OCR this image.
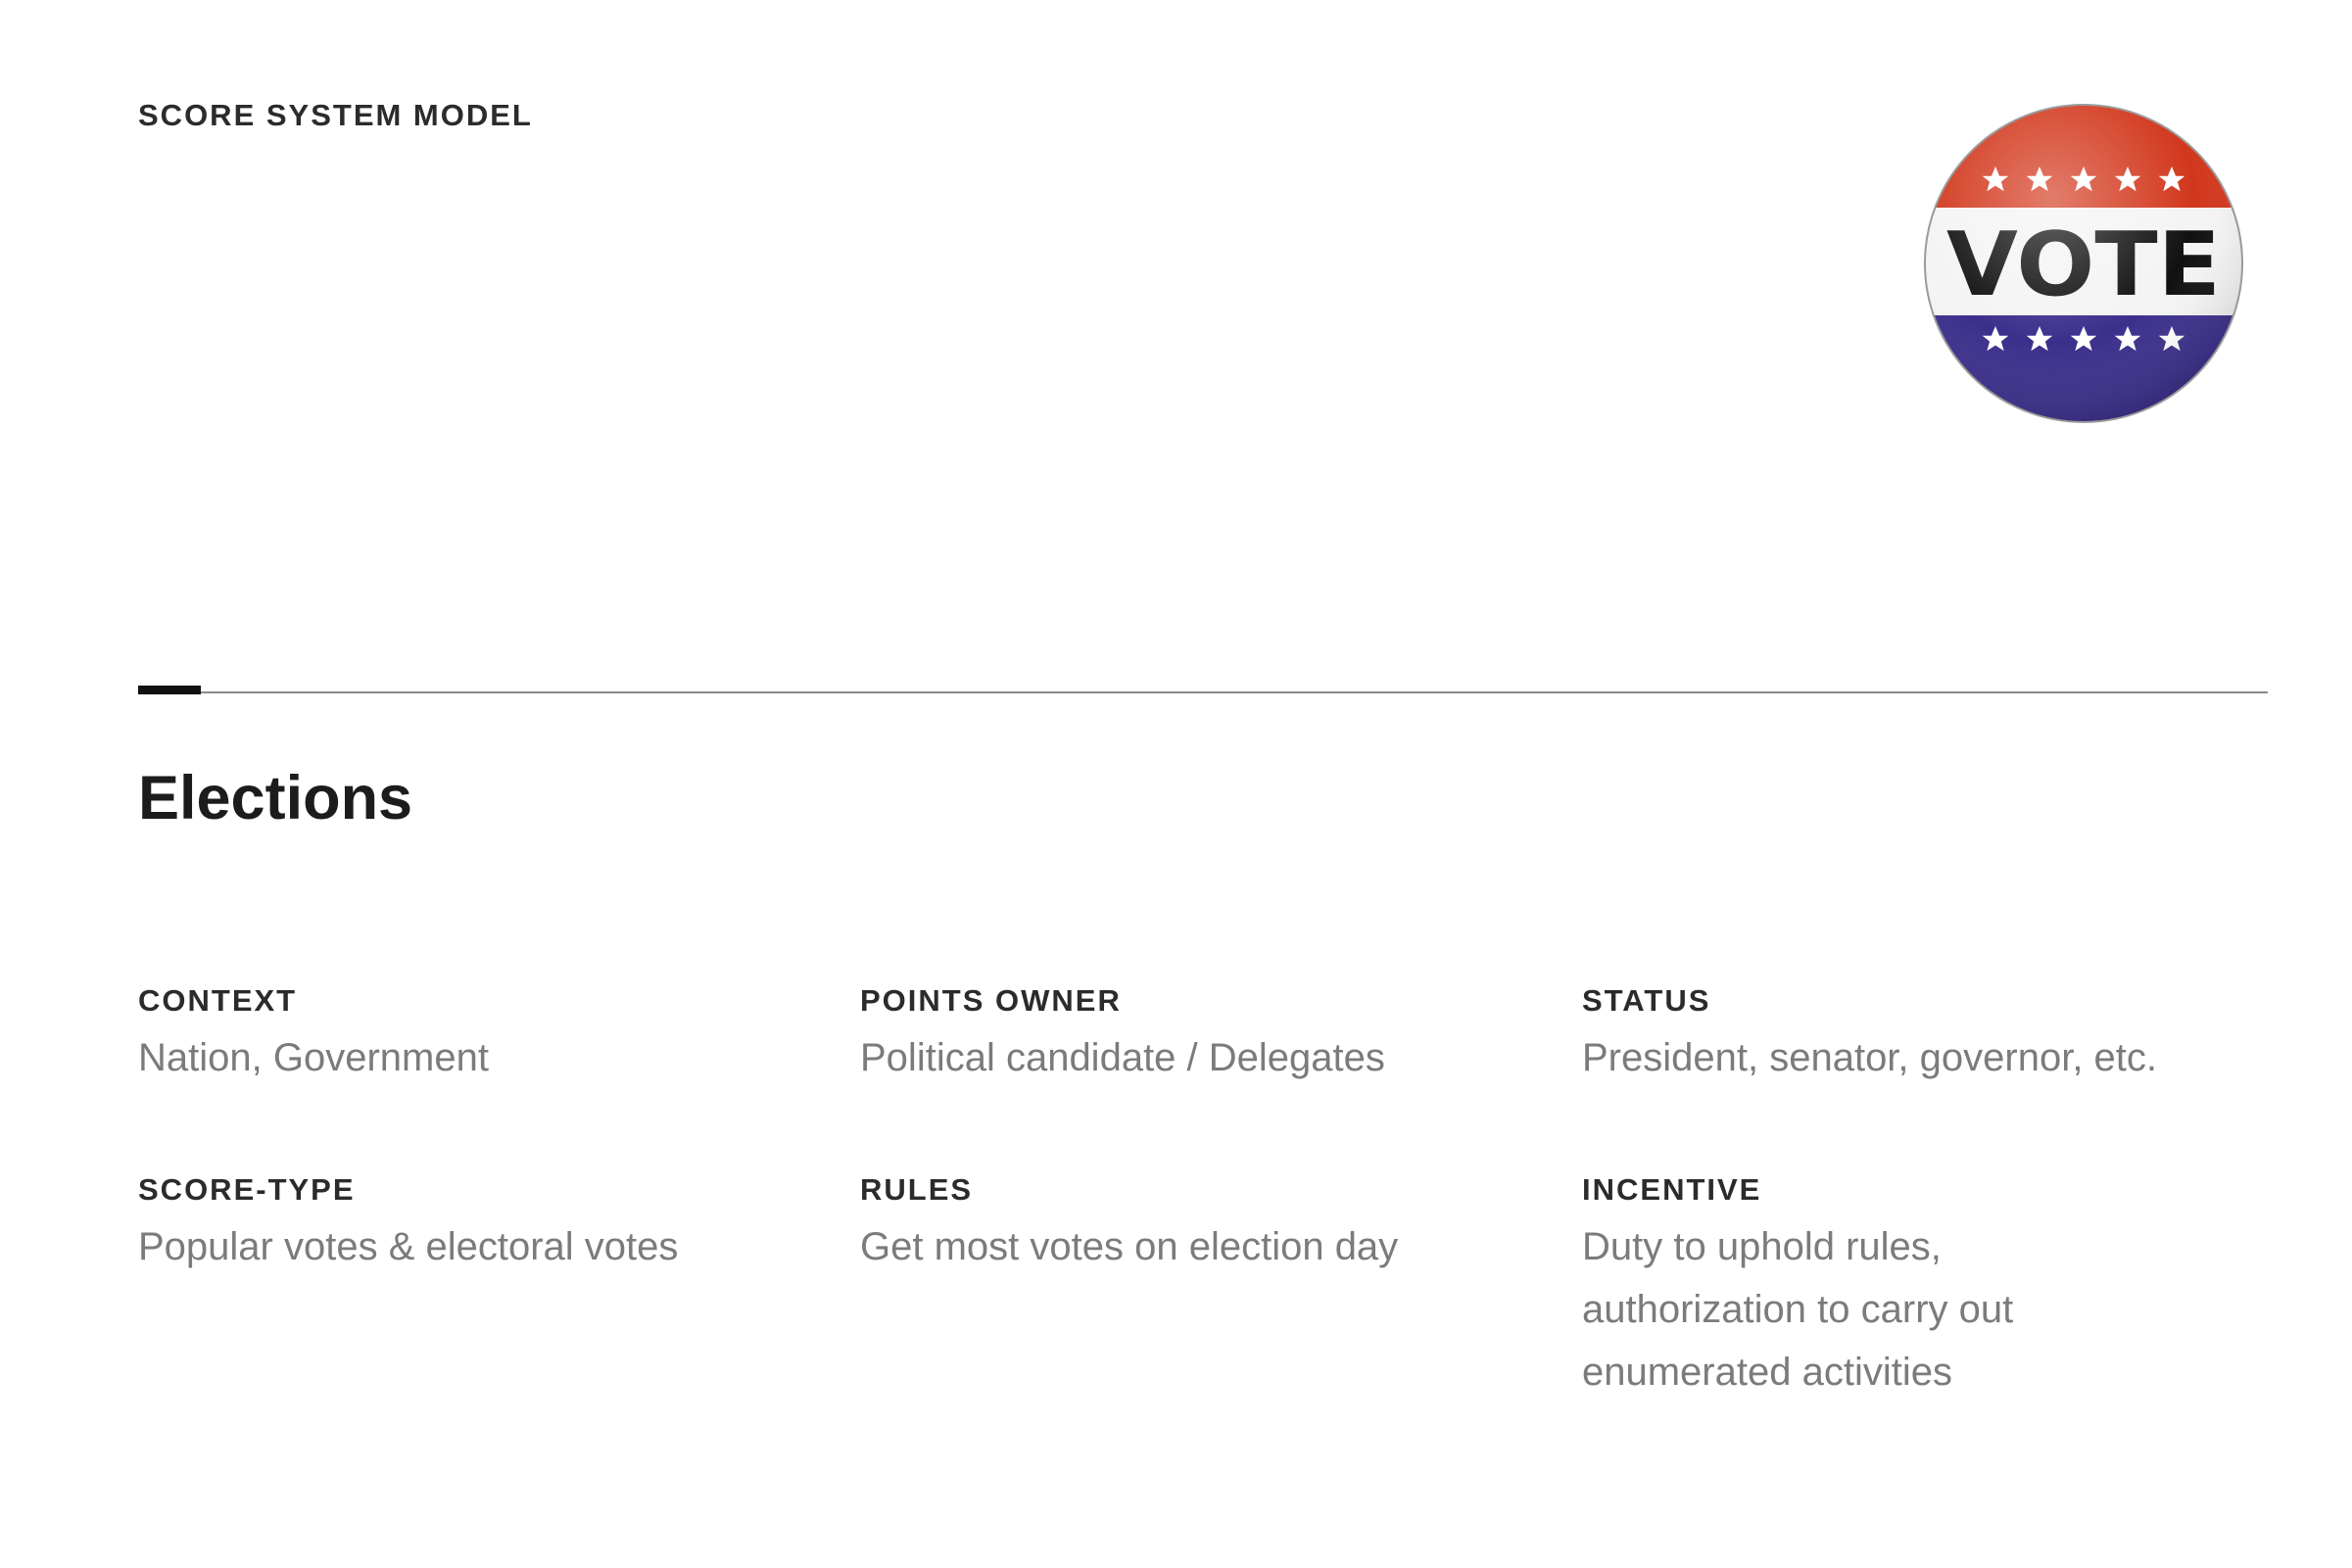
SCORE SYSTEM MODEL
Elections
CONTEXT
Nation, Government
POINTS OWNER
Political candidate / Delegates
STATUS
President, senator, governor, etc.
SCORE-TYPE
Popular votes & electoral votes
RULES
Get most votes on election day
INCENTIVE
Duty to uphold rules, authorization to carry out enumerated activities
